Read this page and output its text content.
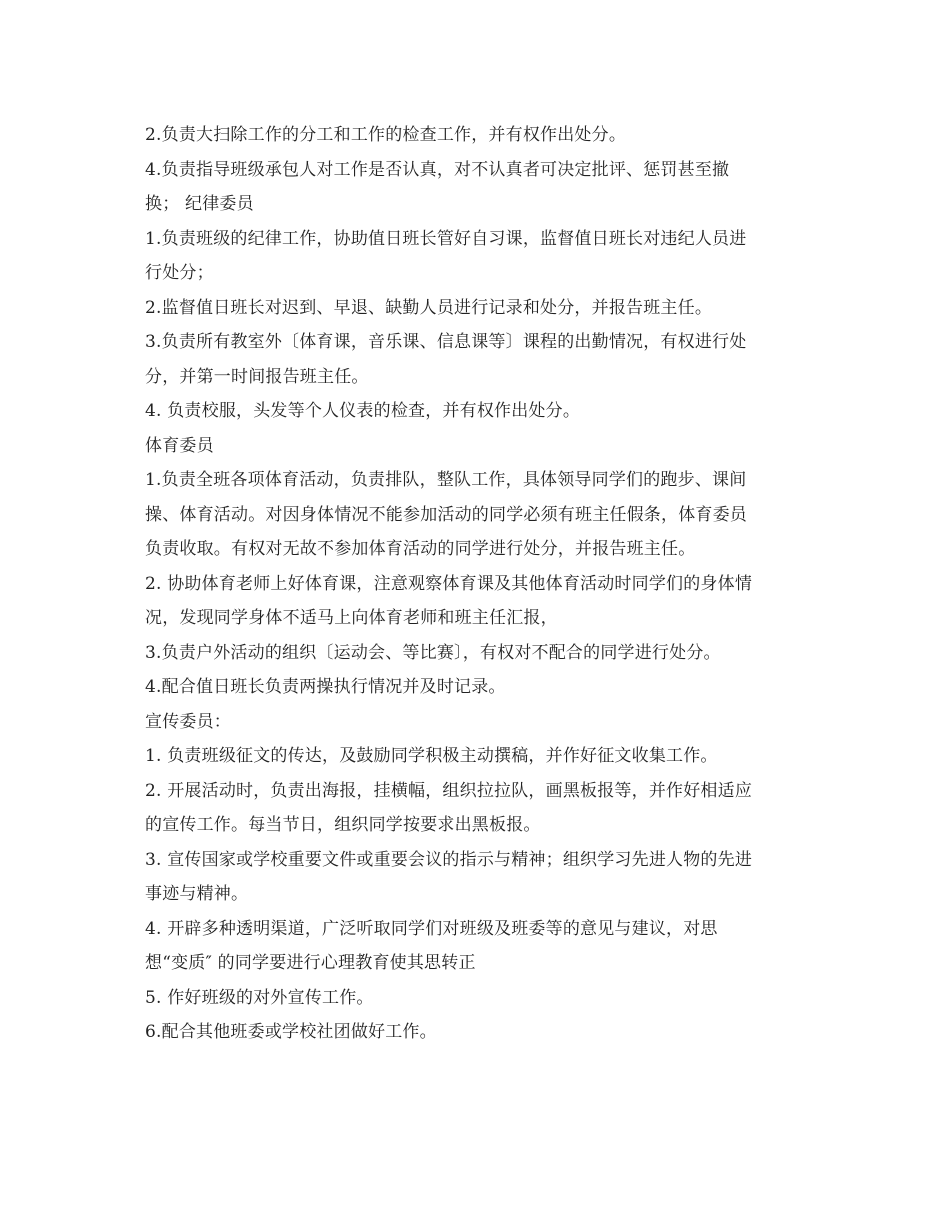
2.负责大扫除工作的分工和工作的检查工作，并有权作出处分。
4.负责指导班级承包人对工作是否认真，对不认真者可决定批评、惩罚甚至撤
换； 纪律委员
1.负责班级的纪律工作，协助值日班长管好自习课，监督值日班长对违纪人员进
行处分；
2.监督值日班长对迟到、早退、缺勤人员进行记录和处分，并报告班主任。
3.负责所有教室外〔体育课，音乐课、信息课等〕课程的出勤情况，有权进行处
分，并第一时间报告班主任。
4. 负责校服，头发等个人仪表的检查，并有权作出处分。
体育委员
1.负责全班各项体育活动，负责排队，整队工作，具体领导同学们的跑步、课间
操、体育活动。对因身体情况不能参加活动的同学必须有班主任假条，体育委员
负责收取。有权对无故不参加体育活动的同学进行处分，并报告班主任。
2. 协助体育老师上好体育课，注意观察体育课及其他体育活动时同学们的身体情
况，发现同学身体不适马上向体育老师和班主任汇报，
3.负责户外活动的组织〔运动会、等比赛〕，有权对不配合的同学进行处分。
4.配合值日班长负责两操执行情况并及时记录。
宣传委员：
1. 负责班级征文的传达，及鼓励同学积极主动撰稿，并作好征文收集工作。
2. 开展活动时，负责出海报，挂横幅，组织拉拉队，画黑板报等，并作好相适应
的宣传工作。每当节日，组织同学按要求出黑板报。
3. 宣传国家或学校重要文件或重要会议的指示与精神；组织学习先进人物的先进
事迹与精神。
4. 开辟多种透明渠道，广泛听取同学们对班级及班委等的意见与建议，对思
想“变质″ 的同学要进行心理教育使其思转正
5. 作好班级的对外宣传工作。
6.配合其他班委或学校社团做好工作。
